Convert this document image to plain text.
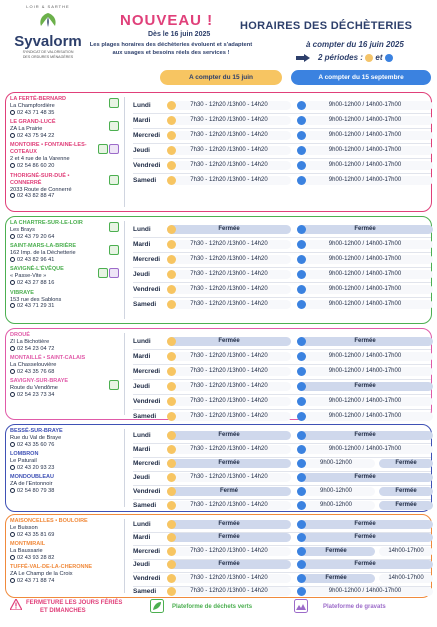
LOIR & SARTHE
Syvalorm
SYNDICAT DE VALORISATION
DES ORDURES MÉNAGÈRES
NOUVEAU !
Dès le 16 juin 2025
Les plages horaires des déchèteries évoluent et s'adaptent aux usages et besoins réels des services !
HORAIRES DES DÉCHÈTERIES
à compter du 16 juin 2025
2 périodes : et
A compter du 15 juin	A compter du 15 septembre
LA FERTÉ-BERNARD
La Champfordière
02 43 71 48 35
LE GRAND-LUCÉ
ZA La Prairie
02 43 75 94 22
MONTOIRE • FONTAINE-LES-COTEAUX
2 et 4 rue de la Varenne
02 54 86 60 20
THORIGNÉ-SUR-DUÉ • CONNERRÉ
2033 Route de Connerré
02 43 82 88 47
Lundi	7h30 - 12h20 /13h00 - 14h20	9h00-12h00 / 14h00-17h00
Mardi	7h30 - 12h20 /13h00 - 14h20	9h00-12h00 / 14h00-17h00
Mercredi	7h30 - 12h20 /13h00 - 14h20	9h00-12h00 / 14h00-17h00
Jeudi	7h30 - 12h20 /13h00 - 14h20	9h00-12h00 / 14h00-17h00
Vendredi	7h30 - 12h20 /13h00 - 14h20	9h00-12h00 / 14h00-17h00
Samedi	7h30 - 12h20 /13h00 - 14h20	9h00-12h00 / 14h00-17h00
LA CHARTRE-SUR-LE-LOIR
Les Brays
02 43 79 20 64
SAINT-MARS-LA-BRIÈRE
162 Imp. de la Déchetterie
02 43 82 96 41
SAVIGNÉ-L'ÉVÊQUE
« Passe-Vite »
02 43 27 88 16
VIBRAYE
153 rue des Sablons
02 43 71 29 31
Lundi	Fermée	Fermée
Mardi	7h30 - 12h20 /13h00 - 14h20	9h00-12h00 / 14h00-17h00
Mercredi	7h30 - 12h20 /13h00 - 14h20	9h00-12h00 / 14h00-17h00
Jeudi	7h30 - 12h20 /13h00 - 14h20	9h00-12h00 / 14h00-17h00
Vendredi	7h30 - 12h20 /13h00 - 14h20	9h00-12h00 / 14h00-17h00
Samedi	7h30 - 12h20 /13h00 - 14h20	9h00-12h00 / 14h00-17h00
DROUÉ
ZI La Bichotière
02 54 23 04 72
MONTAILLÉ • SAINT-CALAIS
La Chasselouvière
02 43 35 76 68
SAVIGNY-SUR-BRAYE
Route du Vendôme
02 54 23 73 34
Lundi	Fermée	Fermée
Mardi	7h30 - 12h20 /13h00 - 14h20	9h00-12h00 / 14h00-17h00
Mercredi	7h30 - 12h20 /13h00 - 14h20	9h00-12h00 / 14h00-17h00
Jeudi	7h30 - 12h20 /13h00 - 14h20	Fermée
Vendredi	7h30 - 12h20 /13h00 - 14h20	9h00-12h00 / 14h00-17h00
Samedi	7h30 - 12h20 /13h00 - 14h20	9h00-12h00 / 14h00-17h00
BESSÉ-SUR-BRAYE
Rue du Val de Braye
02 43 35 60 76
LOMBRON
Le Paturail
02 43 20 93 23
MONDOUBLEAU
ZA de l'Entonnoir
02 54 80 79 38
Lundi	Fermée	Fermée
Mardi	7h30 - 12h20 /13h00 - 14h20	9h00-12h00 / 14h00-17h00
Mercredi	Fermée	9h00-12h00	Fermée
Jeudi	7h30 - 12h20 /13h00 - 14h20	Fermée
Vendredi	Fermé	9h00-12h00	Fermée
Samedi	7h30 - 12h20 /13h00 - 14h20	9h00-12h00	Fermée
MAISONCELLES • BOULOIRE
Le Buisson
02 43 35 81 69
MONTMIRAIL
La Baussarie
02 43 93 28 82
TUFFÉ-VAL-DE-LA-CHERONNE
ZA Le Champ de la Croix
02 43 71 88 74
Lundi	Fermée	Fermée
Mardi	Fermée	Fermée
Mercredi	7h30 - 12h20 /13h00 - 14h20	Fermée	14h00-17h00
Jeudi	Fermée	Fermée
Vendredi	7h30 - 12h20 /13h00 - 14h20	Fermée	14h00-17h00
Samedi	7h30 - 12h20 /13h00 - 14h20	9h00-12h00 / 14h00-17h00
FERMETURE LES JOURS FÉRIÉS
ET DIMANCHES
Plateforme de déchets verts	Plateforme de gravats
